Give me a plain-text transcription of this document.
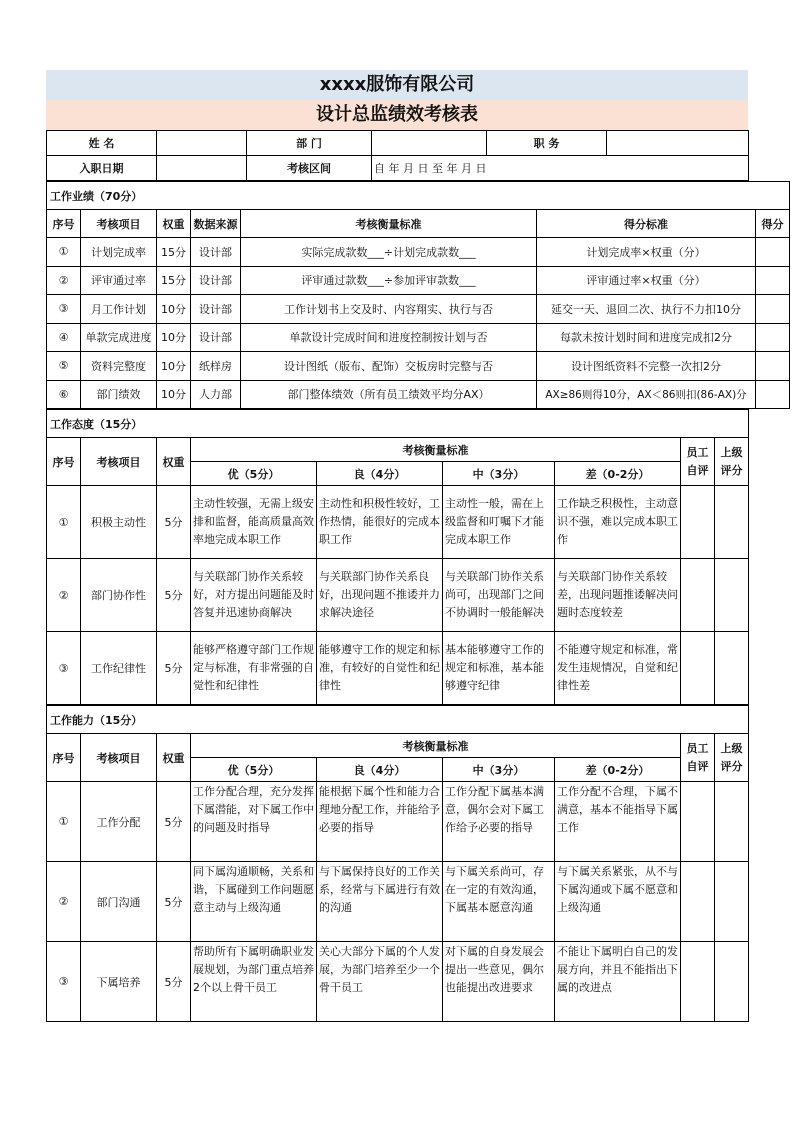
xxxx服饰有限公司
设计总监绩效考核表
姓 名		部 门		职 务	
入职日期		考核区间	自 年 月 日 至 年 月 日		
工作业绩（70分）						
序号	考核项目	权重	数据来源	考核衡量标准	得分标准	得分
①	计划完成率	15分	设计部	实际完成款数___÷计划完成款数___	计划完成率×权重（分）	
②	评审通过率	15分	设计部	评审通过款数___÷参加评审款数___	评审通过率×权重（分）	
③	月工作计划	10分	设计部	工作计划书上交及时、内容翔实、执行与否	延交一天、退回二次、执行不力扣10分	
④	单款完成进度	10分	设计部	单款设计完成时间和进度控制按计划与否	每款未按计划时间和进度完成扣2分	
⑤	资料完整度	10分	纸样房	设计图纸（版布、配饰）交板房时完整与否	设计图纸资料不完整一次扣2分	
⑥	部门绩效	10分	人力部	部门整体绩效（所有员工绩效平均分AX）	AX≥86则得10分，AX＜86则扣(86-AX)分	
工作态度（15分）								
序号	考核项目	权重	考核衡量标准				员工自评	上级评分
			优（5分）	良（4分）	中（3分）	差（0-2分）		
①	积极主动性	5分	主动性较强，无需上级安排和监督，能高质量高效率地完成本职工作	主动性和积极性较好，工作热情，能很好的完成本职工作	主动性一般，需在上级监督和叮嘱下才能完成本职工作	工作缺乏积极性，主动意识不强，难以完成本职工作		
②	部门协作性	5分	与关联部门协作关系较好，对方提出问题能及时答复并迅速协商解决	与关联部门协作关系良好，出现问题不推诿并力求解决途径	与关联部门协作关系尚可，出现部门之间不协调时一般能解决	与关联部门协作关系较差，出现问题推诿解决问题时态度较差		
③	工作纪律性	5分	能够严格遵守部门工作规定与标准，有非常强的自觉性和纪律性	能够遵守工作的规定和标准，有较好的自觉性和纪律性	基本能够遵守工作的规定和标准，基本能够遵守纪律	不能遵守规定和标准，常发生违规情况，自觉和纪律性差		
工作能力（15分）								
序号	考核项目	权重	考核衡量标准				员工自评	上级评分
			优（5分）	良（4分）	中（3分）	差（0-2分）		
①	工作分配	5分	工作分配合理，充分发挥下属潜能，对下属工作中的问题及时指导	能根据下属个性和能力合理地分配工作，并能给予必要的指导	工作分配下属基本满意，偶尔会对下属工作给予必要的指导	工作分配不合理，下属不满意，基本不能指导下属工作		
②	部门沟通	5分	同下属沟通顺畅，关系和谐，下属碰到工作问题愿意主动与上级沟通	与下属保持良好的工作关系，经常与下属进行有效的沟通	与下属关系尚可，存在一定的有效沟通，下属基本愿意沟通	与下属关系紧张，从不与下属沟通或下属不愿意和上级沟通		
③	下属培养	5分	帮助所有下属明确职业发展规划，为部门重点培养2个以上骨干员工	关心大部分下属的个人发展，为部门培养至少一个骨干员工	对下属的自身发展会提出一些意见，偶尔也能提出改进要求	不能让下属明白自己的发展方向，并且不能指出下属的改进点		
